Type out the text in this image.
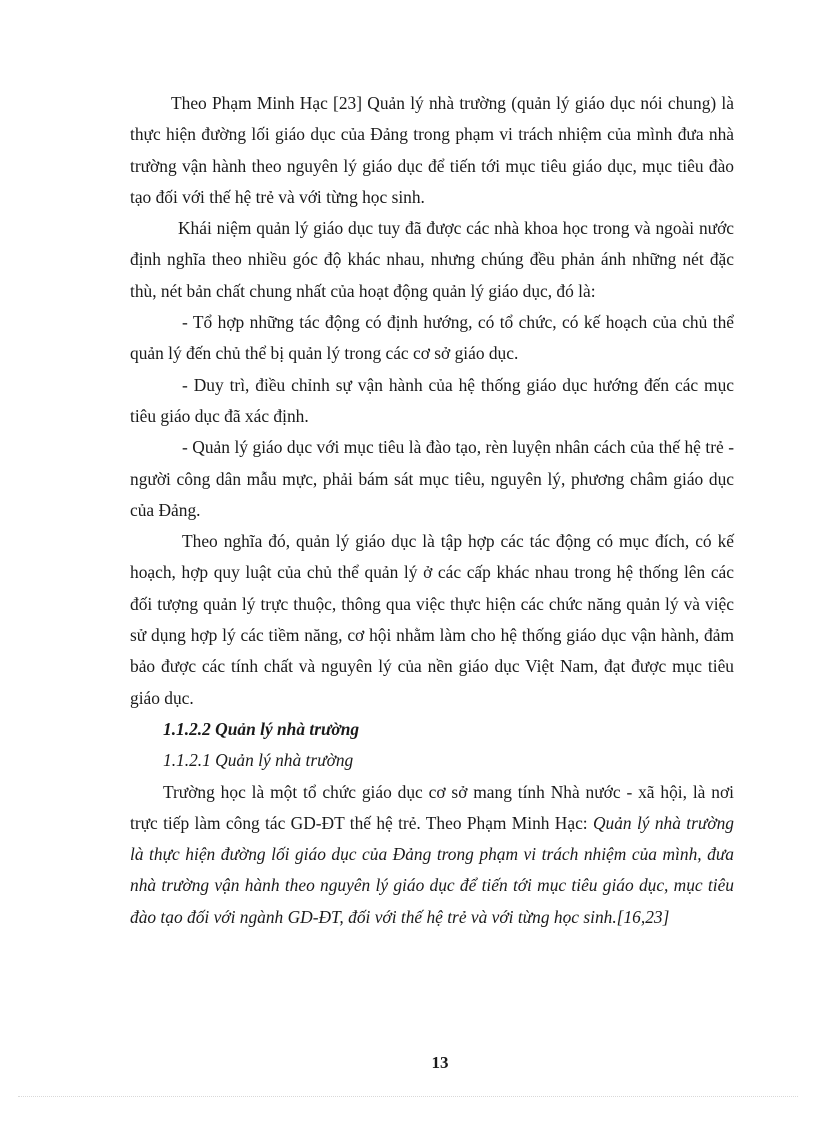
Theo Phạm Minh Hạc [23] Quản lý nhà trường (quản lý giáo dục nói chung) là thực hiện đường lối giáo dục của Đảng trong phạm vi trách nhiệm của mình đưa nhà trường vận hành theo nguyên lý giáo dục để tiến tới mục tiêu giáo dục, mục tiêu đào tạo đối với thế hệ trẻ và với từng học sinh.

Khái niệm quản lý giáo dục tuy đã được các nhà khoa học trong và ngoài nước định nghĩa theo nhiều góc độ khác nhau, nhưng chúng đều phản ánh những nét đặc thù, nét bản chất chung nhất của hoạt động quản lý giáo dục, đó là:

- Tổ hợp những tác động có định hướng, có tổ chức, có kế hoạch của chủ thể quản lý đến chủ thể bị quản lý trong các cơ sở giáo dục.

- Duy trì, điều chỉnh sự vận hành của hệ thống giáo dục hướng đến các mục tiêu giáo dục đã xác định.

- Quản lý giáo dục với mục tiêu là đào tạo, rèn luyện nhân cách của thế hệ trẻ - người công dân mẫu mực, phải bám sát mục tiêu, nguyên lý, phương châm giáo dục của Đảng.

Theo nghĩa đó, quản lý giáo dục là tập hợp các tác động có mục đích, có kế hoạch, hợp quy luật của chủ thể quản lý ở các cấp khác nhau trong hệ thống lên các đối tượng quản lý trực thuộc, thông qua việc thực hiện các chức năng quản lý và việc sử dụng hợp lý các tiềm năng, cơ hội nhằm làm cho hệ thống giáo dục vận hành, đảm bảo được các tính chất và nguyên lý của nền giáo dục Việt Nam, đạt được mục tiêu giáo dục.

1.1.2.2 Quản lý nhà trường

1.1.2.1 Quản lý nhà trường

Trường học là một tổ chức giáo dục cơ sở mang tính Nhà nước - xã hội, là nơi trực tiếp làm công tác GD-ĐT thế hệ trẻ. Theo Phạm Minh Hạc: Quản lý nhà trường là thực hiện đường lối giáo dục của Đảng trong phạm vi trách nhiệm của mình, đưa nhà trường vận hành theo nguyên lý giáo dục để tiến tới mục tiêu giáo dục, mục tiêu đào tạo đối với ngành GD-ĐT, đối với thế hệ trẻ và với từng học sinh.[16,23]

13
